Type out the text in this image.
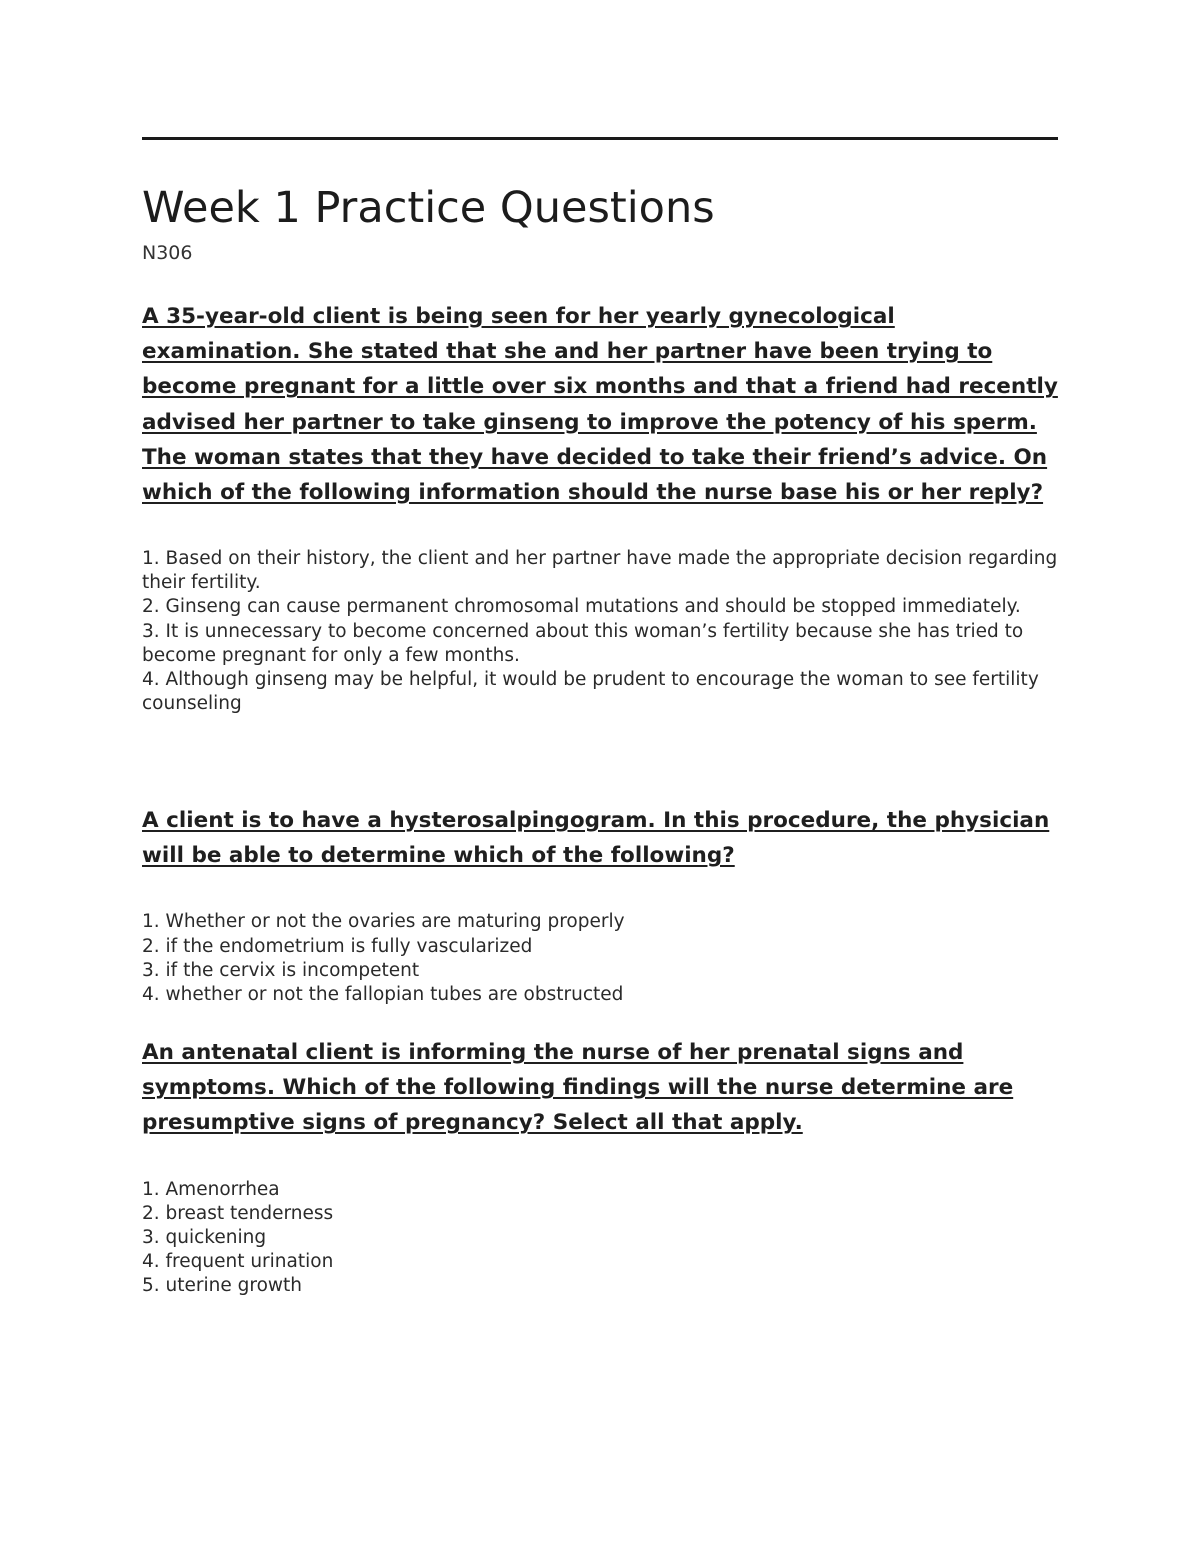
Week 1 Practice Questions

N306

A 35-year-old client is being seen for her yearly gynecological examination. She stated that she and her partner have been trying to become pregnant for a little over six months and that a friend had recently advised her partner to take ginseng to improve the potency of his sperm. The woman states that they have decided to take their friend’s advice. On which of the following information should the nurse base his or her reply?

1. Based on their history, the client and her partner have made the appropriate decision regarding their fertility.
2. Ginseng can cause permanent chromosomal mutations and should be stopped immediately.
3. It is unnecessary to become concerned about this woman’s fertility because she has tried to become pregnant for only a few months.
4. Although ginseng may be helpful, it would be prudent to encourage the woman to see fertility counseling

A client is to have a hysterosalpingogram. In this procedure, the physician will be able to determine which of the following?

1. Whether or not the ovaries are maturing properly
2. if the endometrium is fully vascularized
3. if the cervix is incompetent
4. whether or not the fallopian tubes are obstructed

An antenatal client is informing the nurse of her prenatal signs and symptoms. Which of the following findings will the nurse determine are presumptive signs of pregnancy? Select all that apply.

1. Amenorrhea
2. breast tenderness
3. quickening
4. frequent urination
5. uterine growth
